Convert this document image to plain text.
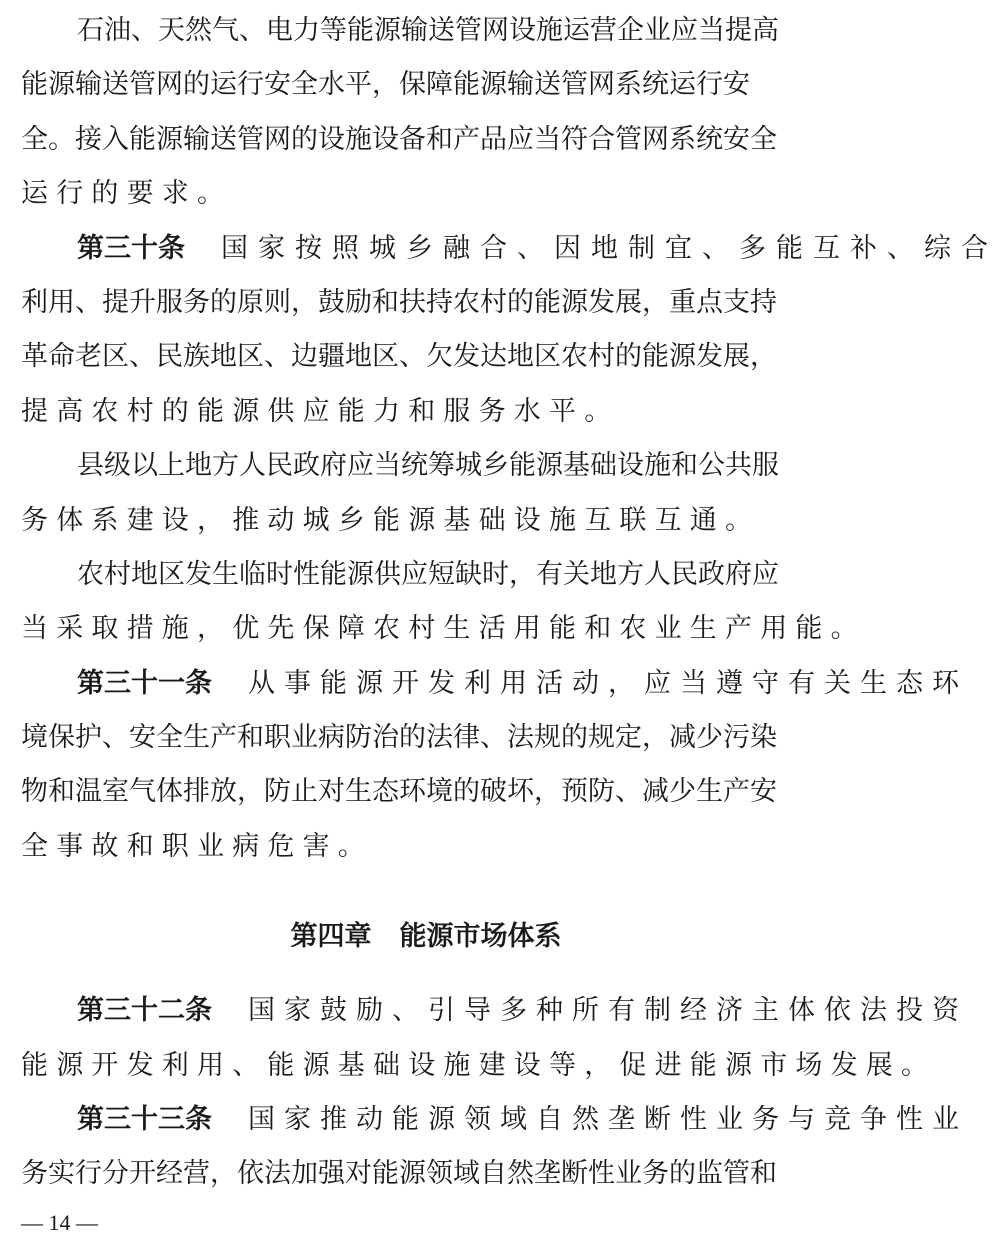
石油、天然气、电力等能源输送管网设施运营企业应当提高
能源输送管网的运行安全水平，保障能源输送管网系统运行安
全。接入能源输送管网的设施设备和产品应当符合管网系统安全
运行的要求。
第三十条 国家按照城乡融合、因地制宜、多能互补、综合
利用、提升服务的原则，鼓励和扶持农村的能源发展，重点支持
革命老区、民族地区、边疆地区、欠发达地区农村的能源发展，
提高农村的能源供应能力和服务水平。
县级以上地方人民政府应当统筹城乡能源基础设施和公共服
务体系建设，推动城乡能源基础设施互联互通。
农村地区发生临时性能源供应短缺时，有关地方人民政府应
当采取措施，优先保障农村生活用能和农业生产用能。
第三十一条 从事能源开发利用活动，应当遵守有关生态环
境保护、安全生产和职业病防治的法律、法规的规定，减少污染
物和温室气体排放，防止对生态环境的破坏，预防、减少生产安
全事故和职业病危害。
第四章 能源市场体系
第三十二条 国家鼓励、引导多种所有制经济主体依法投资
能源开发利用、能源基础设施建设等，促进能源市场发展。
第三十三条 国家推动能源领域自然垄断性业务与竞争性业
务实行分开经营，依法加强对能源领域自然垄断性业务的监管和
— 14 —
